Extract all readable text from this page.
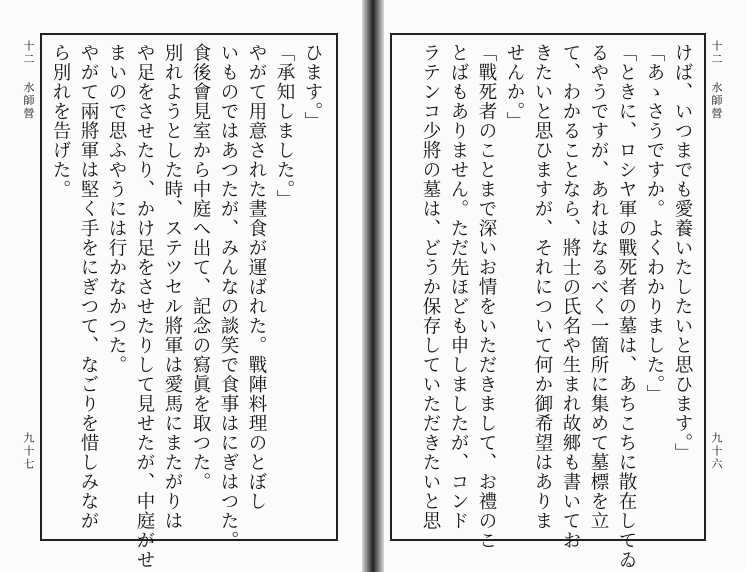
十二 水師營
九十七
ひます。」
「承知しました。」
やがて用意された晝食が運ばれた。戰陣料理のとぼし
いものではあつたが、みんなの談笑で食事はにぎはつた。
食後會見室から中庭へ出て、記念の寫眞を取つた。
別れようとした時、ステツセル將軍は愛馬にまたがりは
や足をさせたり、かけ足をさせたりして見せたが、中庭がせ
まいので思ふやうには行かなかつた。
やがて兩將軍は堅く手をにぎつて、なごりを惜しみなが
ら別れを告げた。	けば、いつまでも愛養いたしたいと思ひます。」
「あゝさうですか。よくわかりました。」
「ときに、ロシヤ軍の戰死者の墓は、あちこちに散在してゐ
るやうですが、あれはなるべく一箇所に集めて墓標を立
て、わかることなら、將士の氏名や生まれ故郷も書いてお
きたいと思ひますが、それについて何か御希望はありま
せんか。」
「戰死者のことまで深いお情をいただきまして、お禮のこ
とばもありません。ただ先ほども申しましたが、コンド
ラテンコ少將の墓は、どうか保存していただきたいと思	十二 水師營
九十六
